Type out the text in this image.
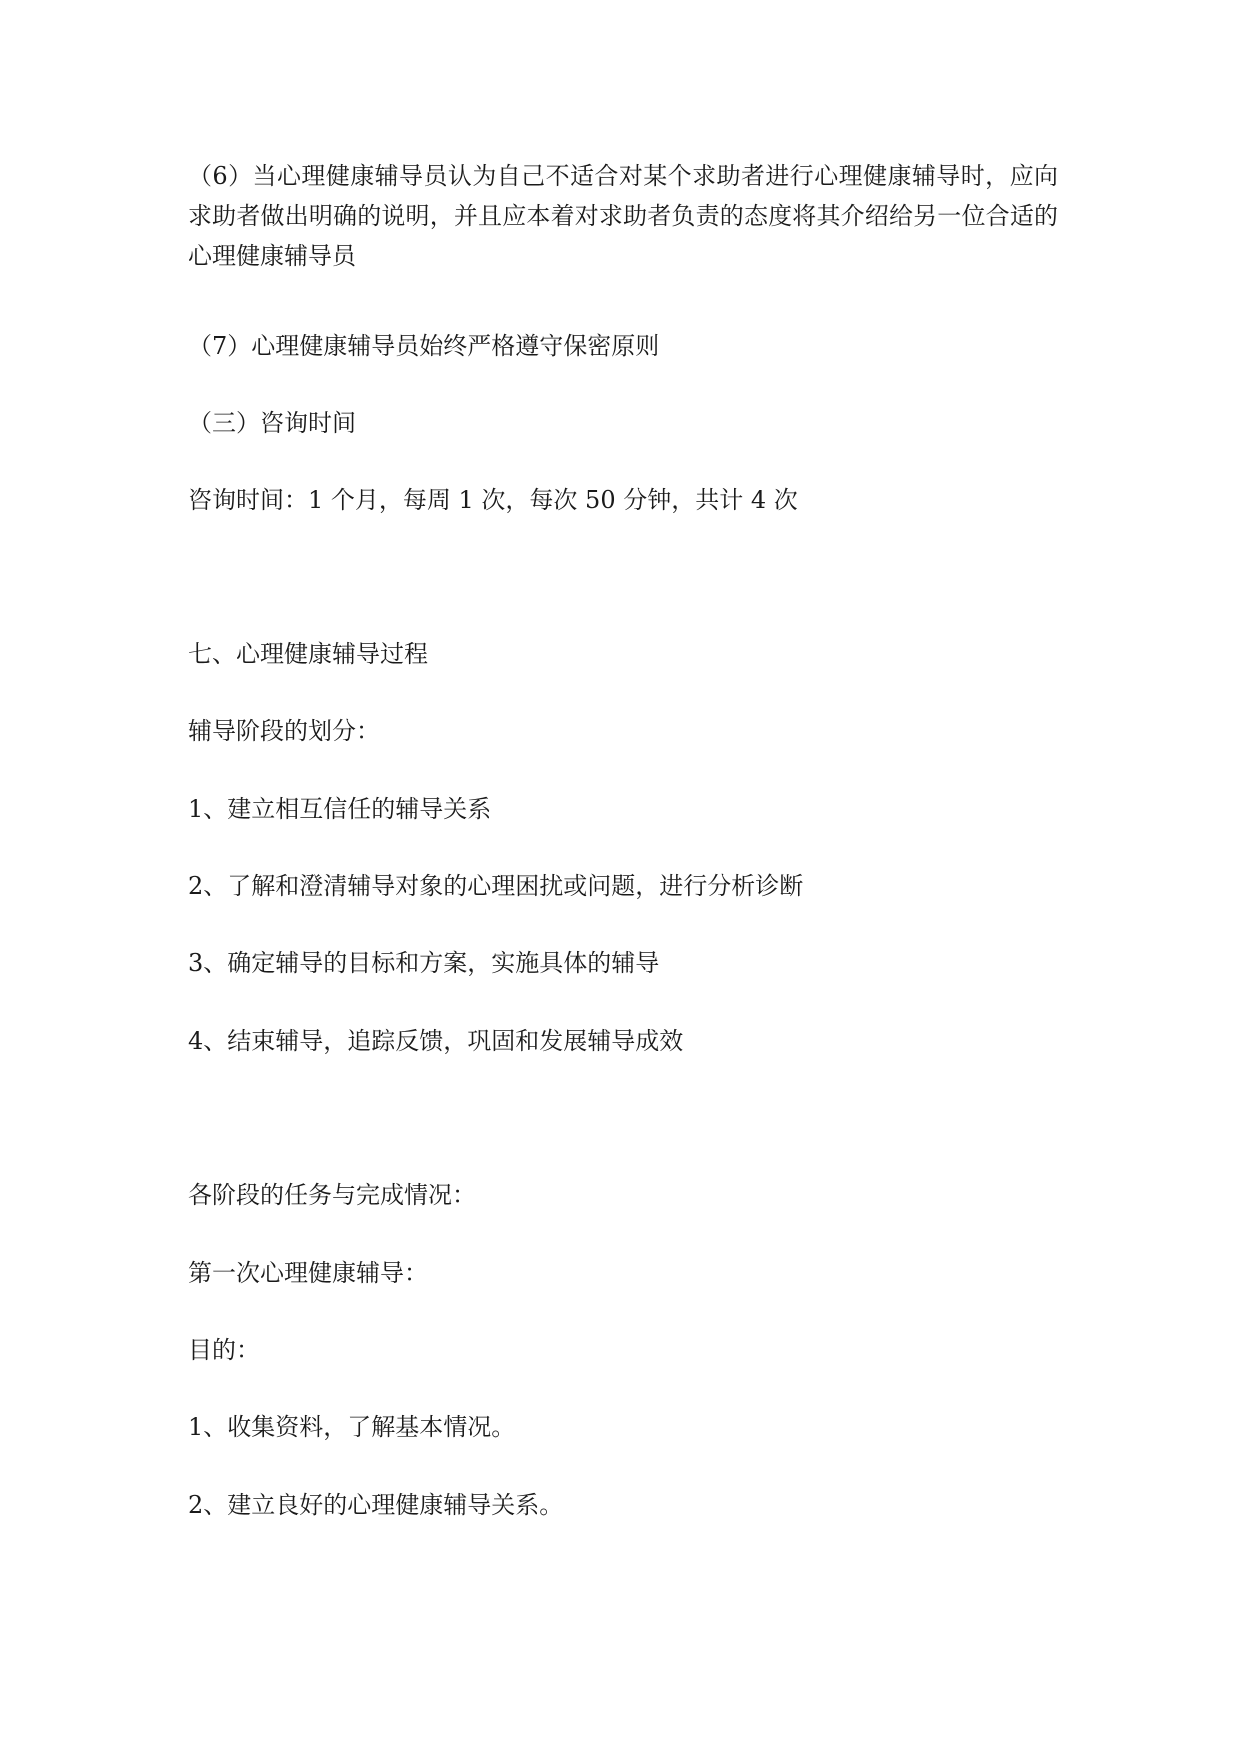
（6）当心理健康辅导员认为自己不适合对某个求助者进行心理健康辅导时，应向求助者做出明确的说明，并且应本着对求助者负责的态度将其介绍给另一位合适的心理健康辅导员

（7）心理健康辅导员始终严格遵守保密原则

（三）咨询时间

咨询时间：1 个月，每周 1 次，每次 50 分钟，共计 4 次

七、心理健康辅导过程

辅导阶段的划分：

1、建立相互信任的辅导关系

2、了解和澄清辅导对象的心理困扰或问题，进行分析诊断

3、确定辅导的目标和方案，实施具体的辅导

4、结束辅导，追踪反馈，巩固和发展辅导成效

各阶段的任务与完成情况：

第一次心理健康辅导：

目的：

1、收集资料，了解基本情况。

2、建立良好的心理健康辅导关系。
